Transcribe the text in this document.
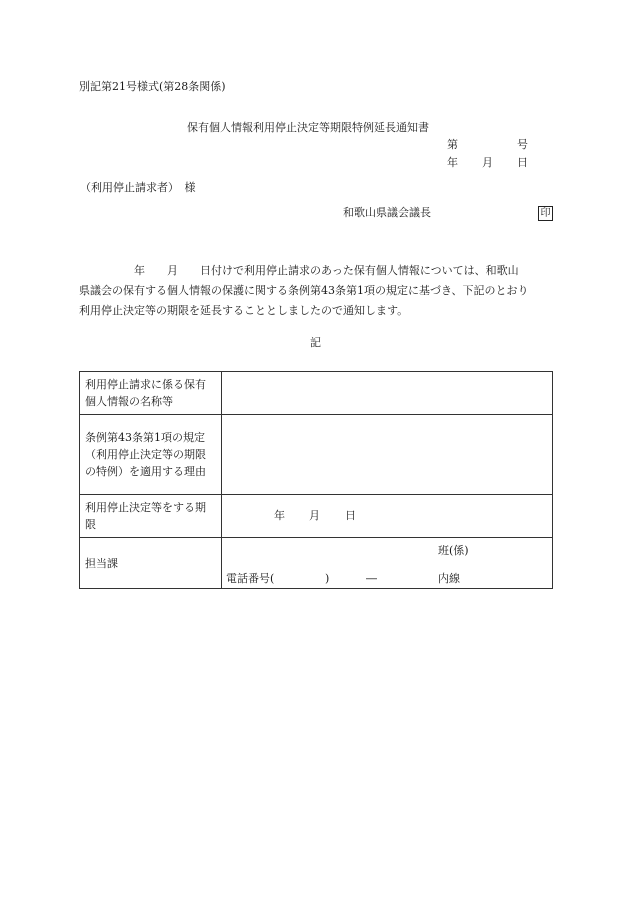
別記第21号様式(第28条関係)
保有個人情報利用停止決定等期限特例延長通知書
第	号
年 月 日
（利用停止請求者）　様
和歌山県議会議長	印
　　　　　年　　月　　日付けで利用停止請求のあった保有個人情報については、和歌山
県議会の保有する個人情報の保護に関する条例第43条第1項の規定に基づき、下記のとおり
利用停止決定等の期限を延長することとしましたので通知します。
記
利用停止請求に係る保有個人情報の名称等	
条例第43条第1項の規定（利用停止決定等の期限の特例）を適用する理由	
利用停止決定等をする期限	年 月 日

担当課	班(係)
電話番号( ) ― 内線
